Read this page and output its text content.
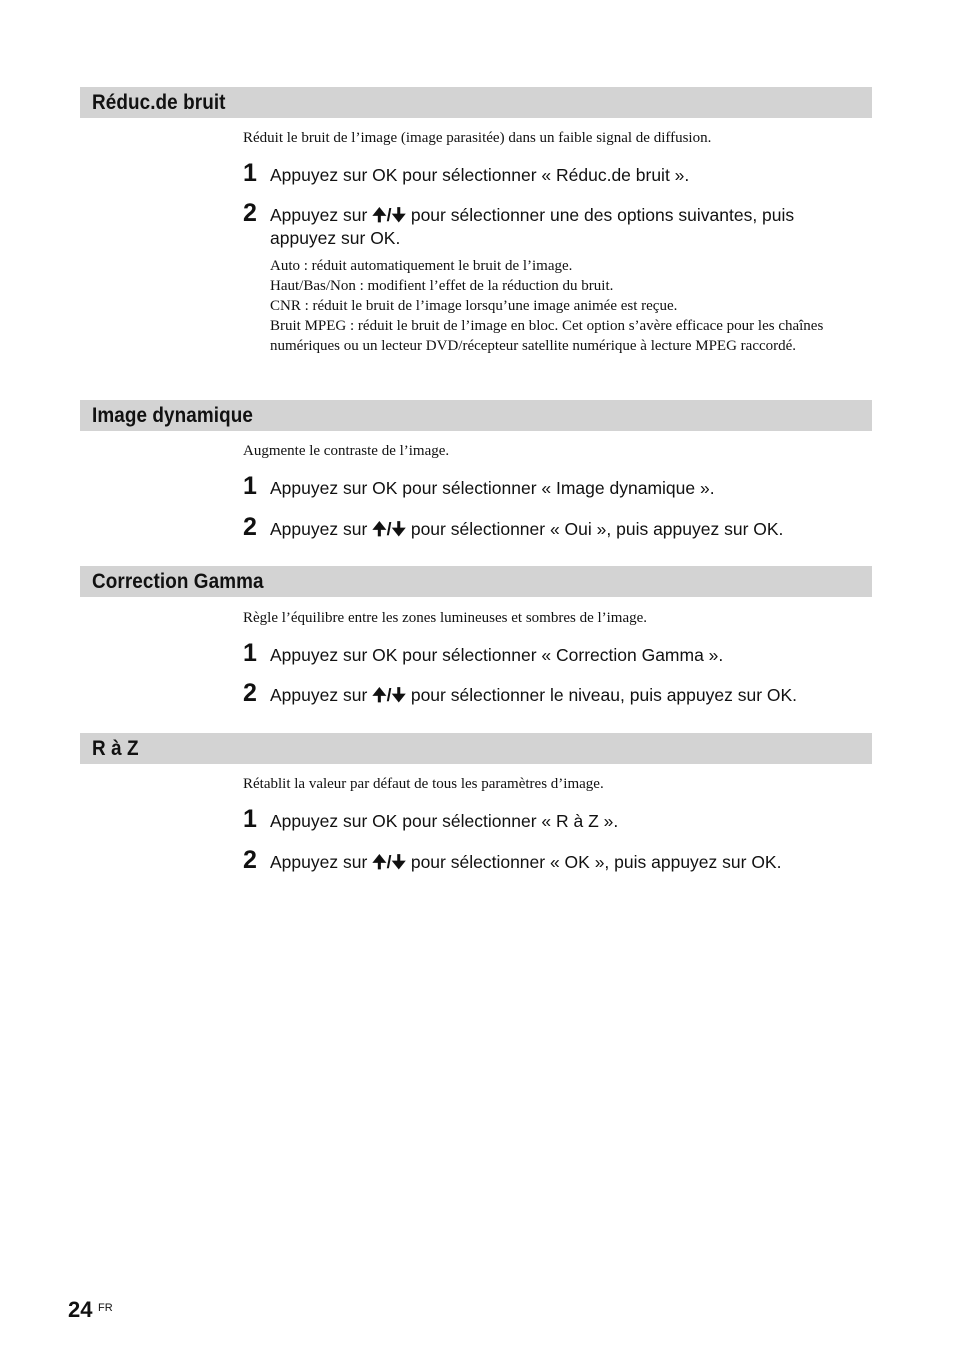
Réduc.de bruit
Réduit le bruit de l’image (image parasitée) dans un faible signal de diffusion.
1 Appuyez sur OK pour sélectionner « Réduc.de bruit ».
2 Appuyez sur 🠉/🠋 pour sélectionner une des options suivantes, puis appuyez sur OK.
Auto : réduit automatiquement le bruit de l’image.
Haut/Bas/Non : modifient l’effet de la réduction du bruit.
CNR : réduit le bruit de l’image lorsqu’une image animée est reçue.
Bruit MPEG : réduit le bruit de l’image en bloc. Cet option s’avère efficace pour les chaînes numériques ou un lecteur DVD/récepteur satellite numérique à lecture MPEG raccordé.
Image dynamique
Augmente le contraste de l’image.
1 Appuyez sur OK pour sélectionner « Image dynamique ».
2 Appuyez sur 🠉/🠋 pour sélectionner « Oui », puis appuyez sur OK.
Correction Gamma
Règle l’équilibre entre les zones lumineuses et sombres de l’image.
1 Appuyez sur OK pour sélectionner « Correction Gamma ».
2 Appuyez sur 🠉/🠋 pour sélectionner le niveau, puis appuyez sur OK.
R à Z
Rétablit la valeur par défaut de tous les paramètres d’image.
1 Appuyez sur OK pour sélectionner « R à Z ».
2 Appuyez sur 🠉/🠋 pour sélectionner « OK », puis appuyez sur OK.
24 FR
